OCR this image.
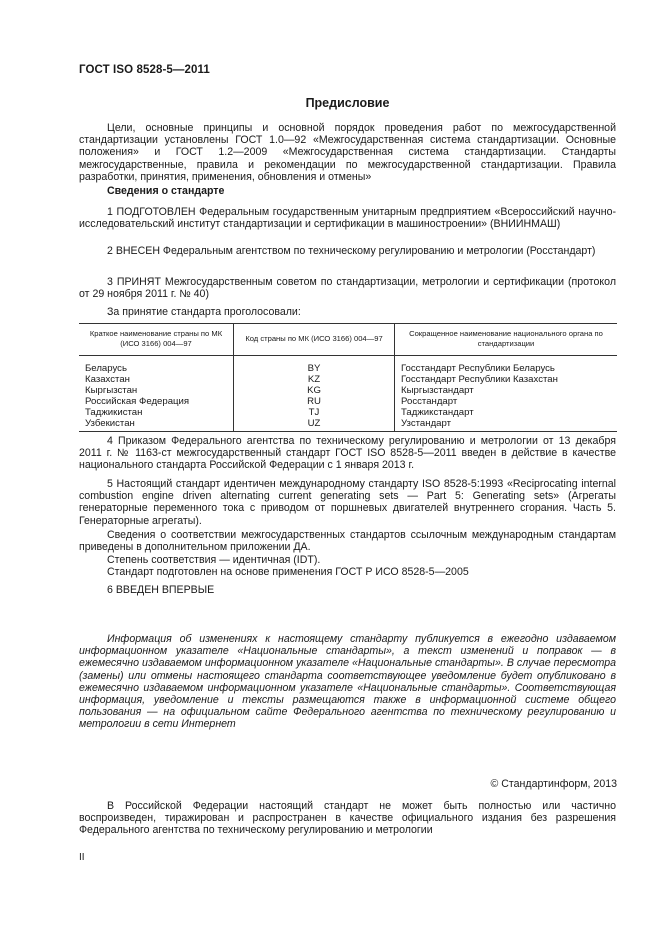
ГОСТ ISO 8528-5—2011
Предисловие
Цели, основные принципы и основной порядок проведения работ по межгосударственной стандартизации установлены ГОСТ 1.0—92 «Межгосударственная система стандартизации. Основные положения» и ГОСТ 1.2—2009 «Межгосударственная система стандартизации. Стандарты межгосударственные, правила и рекомендации по межгосударственной стандартизации. Правила разработки, принятия, применения, обновления и отмены»
Сведения о стандарте
1 ПОДГОТОВЛЕН Федеральным государственным унитарным предприятием «Всероссийский научно-исследовательский институт стандартизации и сертификации в машиностроении» (ВНИИНМАШ)
2 ВНЕСЕН Федеральным агентством по техническому регулированию и метрологии (Росстандарт)
3 ПРИНЯТ Межгосударственным советом по стандартизации, метрологии и сертификации (протокол от 29 ноября 2011 г. № 40)
За принятие стандарта проголосовали:
Краткое наименование страны по МК (ИСО 3166) 004—97	Код страны по МК (ИСО 3166) 004—97	Сокращенное наименование национального органа по стандартизации
Беларусь	BY	Госстандарт Республики Беларусь
Казахстан	KZ	Госстандарт Республики Казахстан
Кыргызстан	KG	Кыргызстандарт
Российская Федерация	RU	Росстандарт
Таджикистан	TJ	Таджикстандарт
Узбекистан	UZ	Узстандарт
4 Приказом Федерального агентства по техническому регулированию и метрологии от 13 декабря 2011 г. № 1163-ст межгосударственный стандарт ГОСТ ISO 8528-5—2011 введен в действие в качестве национального стандарта Российской Федерации с 1 января 2013 г.
5 Настоящий стандарт идентичен международному стандарту ISO 8528-5:1993 «Reciprocating internal combustion engine driven alternating current generating sets — Part 5: Generating sets» (Агрегаты генераторные переменного тока с приводом от поршневых двигателей внутреннего сгорания. Часть 5. Генераторные агрегаты).
Сведения о соответствии межгосударственных стандартов ссылочным международным стандартам приведены в дополнительном приложении ДА.
Степень соответствия — идентичная (IDT).
Стандарт подготовлен на основе применения ГОСТ Р ИСО 8528-5—2005
6 ВВЕДЕН ВПЕРВЫЕ
Информация об изменениях к настоящему стандарту публикуется в ежегодно издаваемом информационном указателе «Национальные стандарты», а текст изменений и поправок — в ежемесячно издаваемом информационном указателе «Национальные стандарты». В случае пересмотра (замены) или отмены настоящего стандарта соответствующее уведомление будет опубликовано в ежемесячно издаваемом информационном указателе «Национальные стандарты». Соответствующая информация, уведомление и тексты размещаются также в информационной системе общего пользования — на официальном сайте Федерального агентства по техническому регулированию и метрологии в сети Интернет
© Стандартинформ, 2013
В Российской Федерации настоящий стандарт не может быть полностью или частично воспроизведен, тиражирован и распространен в качестве официального издания без разрешения Федерального агентства по техническому регулированию и метрологии
II
